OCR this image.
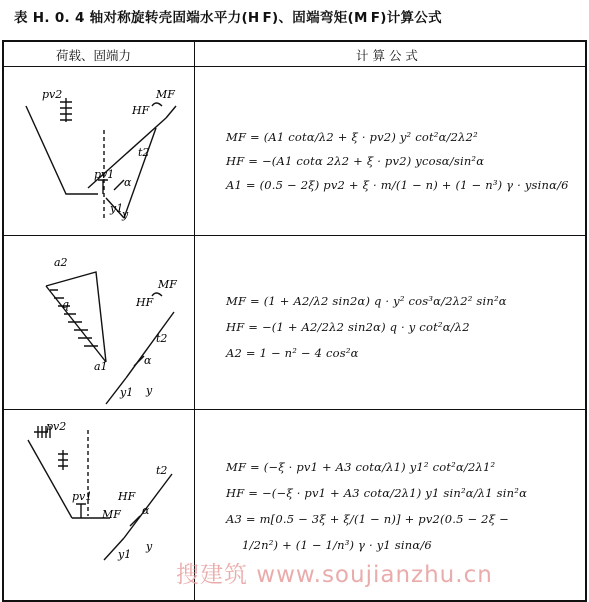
表 H. 0. 4 轴对称旋转壳固端水平力(H F)、固端弯矩(M F)计算公式
荷载、固端力	计 算 公 式
pv2
pv1
MF
HF
t2
α
y1
y
a2
a1
q
MF
HF
t2
α
y1 y
pv2
pv1
MF
HF
t2
α
y1
y
MF = (A1 cotα/λ2 + ξ · pv2) y² cot²α/2λ2²
HF = −(A1 cotα 2λ2 + ξ · pv2) ycosα/sin²α
A1 = (0.5 − 2ξ) pv2 + ξ · m/(1 − n) + (1 − n³) γ · ysinα/6
MF = (1 + A2/λ2 sin2α) q · y² cos³α/2λ2² sin²α
HF = −(1 + A2/2λ2 sin2α) q · y cot²α/λ2
A2 = 1 − n² − 4 cos²α
MF = (−ξ · pv1 + A3 cotα/λ1) y1² cot²α/2λ1²
HF = −(−ξ · pv1 + A3 cotα/2λ1) y1 sin²α/λ1 sin²α
A3 = m[0.5 − 3ξ + ξ/(1 − n)] + pv2(0.5 − 2ξ −
1/2n²) + (1 − 1/n³) γ · y1 sinα/6
搜建筑 www.soujianzhu.cn
